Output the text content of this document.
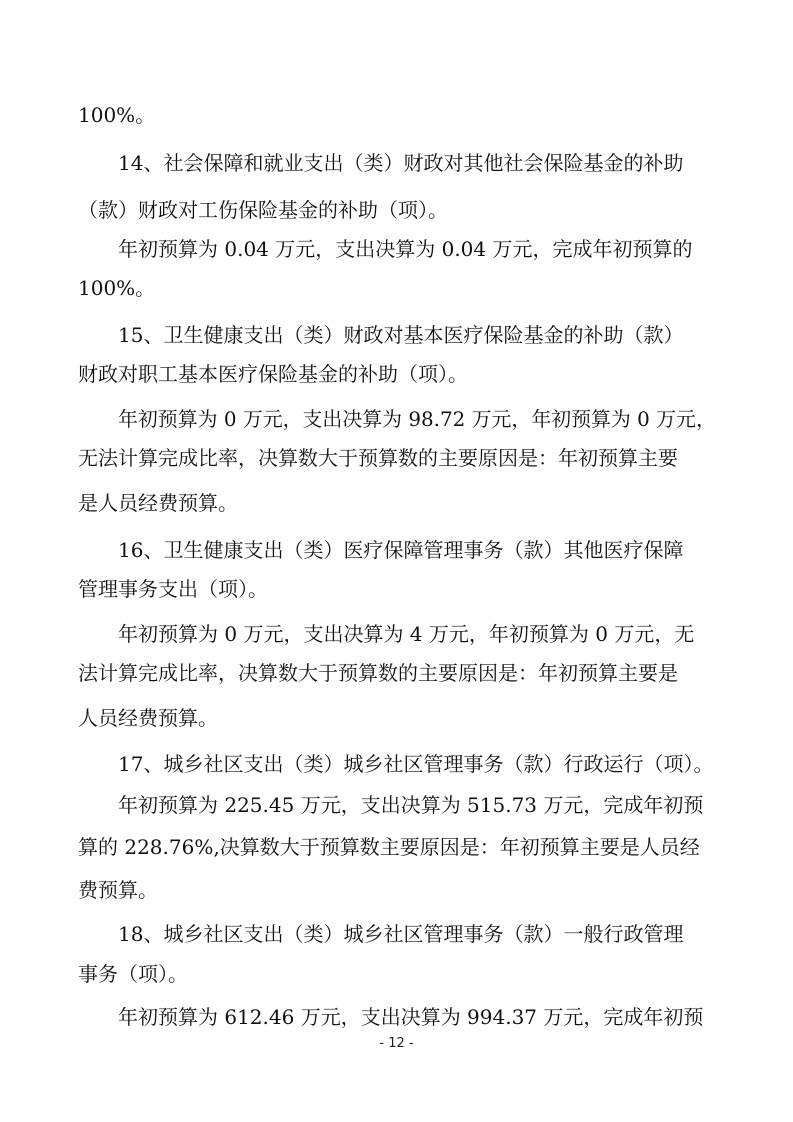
100%。

14、社会保障和就业支出（类）财政对其他社会保险基金的补助

（款）财政对工伤保险基金的补助（项）。

年初预算为 0.04 万元，支出决算为 0.04 万元，完成年初预算的

100%。

15、卫生健康支出（类）财政对基本医疗保险基金的补助（款）

财政对职工基本医疗保险基金的补助（项）。

年初预算为 0 万元，支出决算为 98.72 万元，年初预算为 0 万元，

无法计算完成比率，决算数大于预算数的主要原因是：年初预算主要

是人员经费预算。

16、卫生健康支出（类）医疗保障管理事务（款）其他医疗保障

管理事务支出（项）。

年初预算为 0 万元，支出决算为 4 万元，年初预算为 0 万元，无

法计算完成比率，决算数大于预算数的主要原因是：年初预算主要是

人员经费预算。

17、城乡社区支出（类）城乡社区管理事务（款）行政运行（项）。

年初预算为 225.45 万元，支出决算为 515.73 万元，完成年初预

算的 228.76%,决算数大于预算数主要原因是：年初预算主要是人员经

费预算。

18、城乡社区支出（类）城乡社区管理事务（款）一般行政管理

事务（项）。

年初预算为 612.46 万元，支出决算为 994.37 万元，完成年初预

- 12 -
